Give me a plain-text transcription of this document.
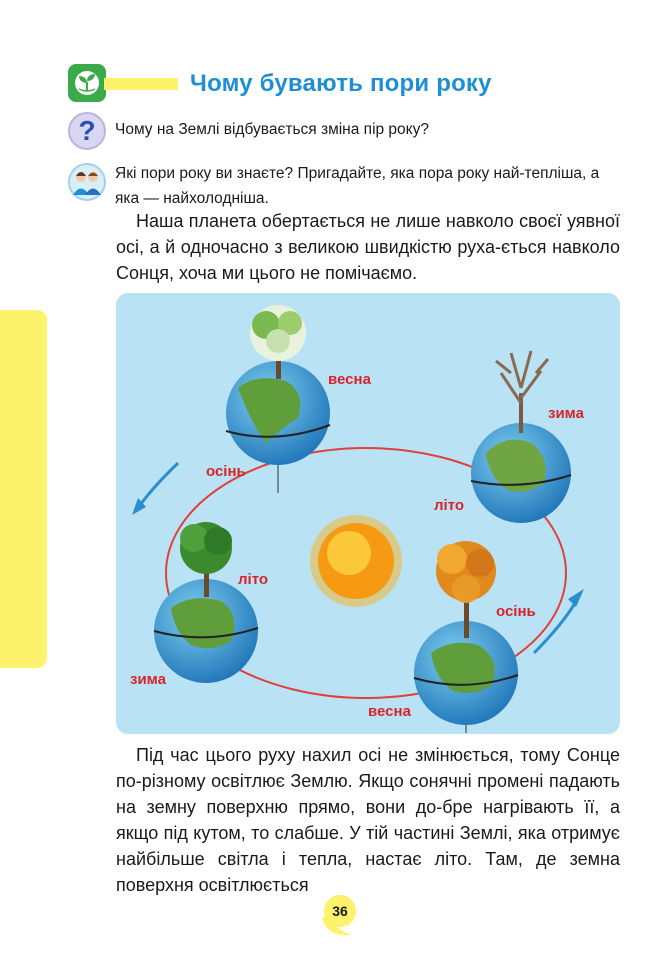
Чому бувають пори року
? Чому на Землі відбувається зміна пір року?
Які пори року ви знаєте? Пригадайте, яка пора року най-тепліша, а яка — найхолодніша.

Наша планета обертається не лише навколо своєї уявної осі, а й одночасно з великою швидкістю руха-ється навколо Сонця, хоча ми цього не помічаємо.

весна
осінь
зима
літо
літо
зима
осінь
весна

Під час цього руху нахил осі не змінюється, тому Сонце по-різному освітлює Землю. Якщо сонячні промені падають на земну поверхню прямо, вони до-бре нагрівають її, а якщо під кутом, то слабше. У тій частині Землі, яка отримує найбільше світла і тепла, настає літо. Там, де земна поверхня освітлюється

36
